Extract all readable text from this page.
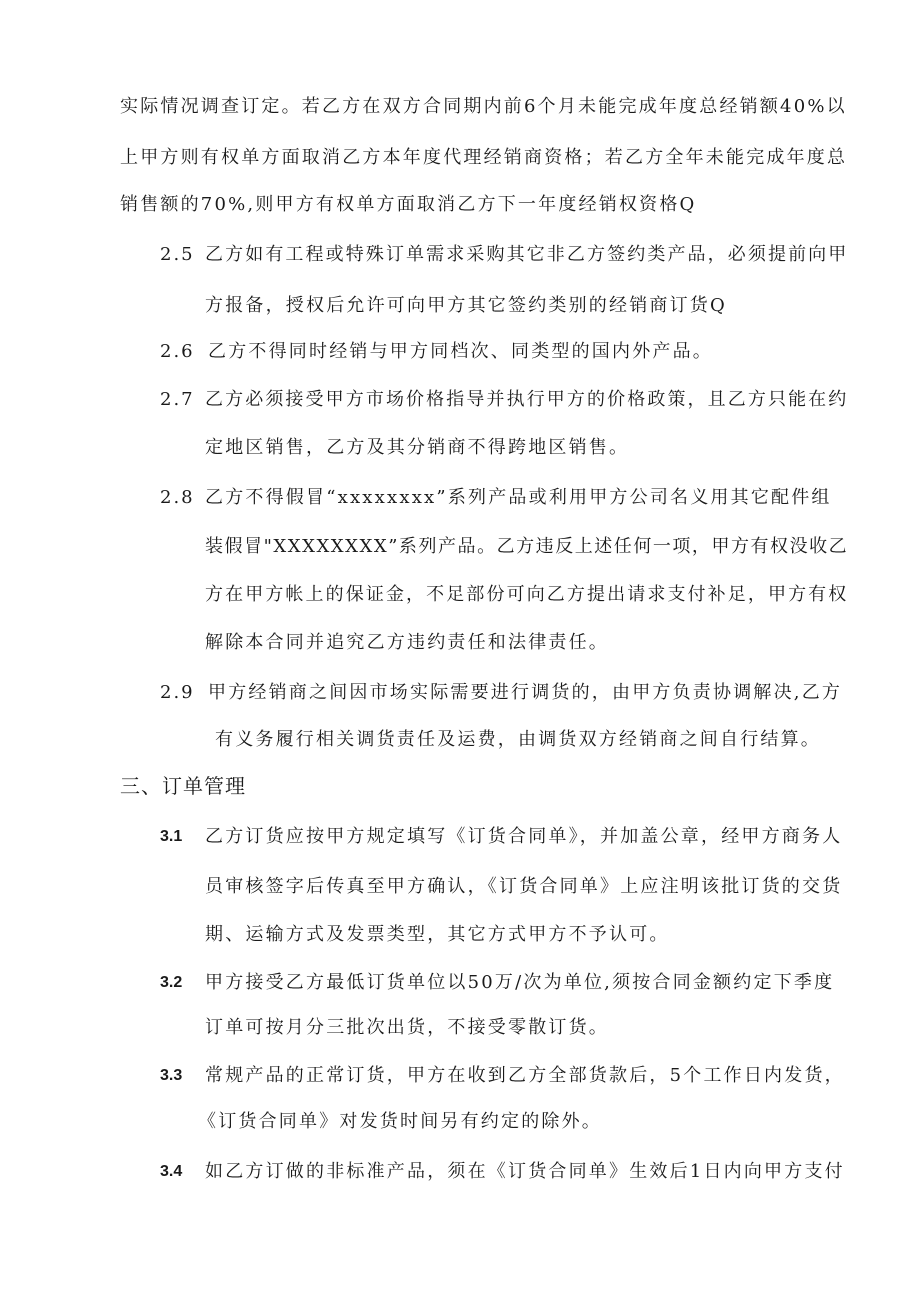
实际情况调查订定。若乙方在双方合同期内前6个月未能完成年度总经销额40%以
上甲方则有权单方面取消乙方本年度代理经销商资格；若乙方全年未能完成年度总
销售额的70%,则甲方有权单方面取消乙方下一年度经销权资格Q
2.5 乙方如有工程或特殊订单需求采购其它非乙方签约类产品，必须提前向甲
方报备，授权后允许可向甲方其它签约类别的经销商订货Q
2.6 乙方不得同时经销与甲方同档次、同类型的国内外产品。
2.7 乙方必须接受甲方市场价格指导并执行甲方的价格政策，且乙方只能在约
定地区销售，乙方及其分销商不得跨地区销售。
2.8 乙方不得假冒“xxxxxxxx”系列产品或利用甲方公司名义用其它配件组
装假冒"XXXXXXXX”系列产品。乙方违反上述任何一项，甲方有权没收乙
方在甲方帐上的保证金，不足部份可向乙方提出请求支付补足，甲方有权
解除本合同并追究乙方违约责任和法律责任。
2.9 甲方经销商之间因市场实际需要进行调货的，由甲方负责协调解决,乙方
有义务履行相关调货责任及运费，由调货双方经销商之间自行结算。
三、订单管理
3.1 乙方订货应按甲方规定填写《订货合同单》，并加盖公章，经甲方商务人
员审核签字后传真至甲方确认，《订货合同单》上应注明该批订货的交货
期、运输方式及发票类型，其它方式甲方不予认可。
3.2 甲方接受乙方最低订货单位以50万/次为单位,须按合同金额约定下季度
订单可按月分三批次出货，不接受零散订货。
3.3 常规产品的正常订货，甲方在收到乙方全部货款后，5个工作日内发货，
《订货合同单》对发货时间另有约定的除外。
3.4 如乙方订做的非标准产品，须在《订货合同单》生效后1日内向甲方支付
